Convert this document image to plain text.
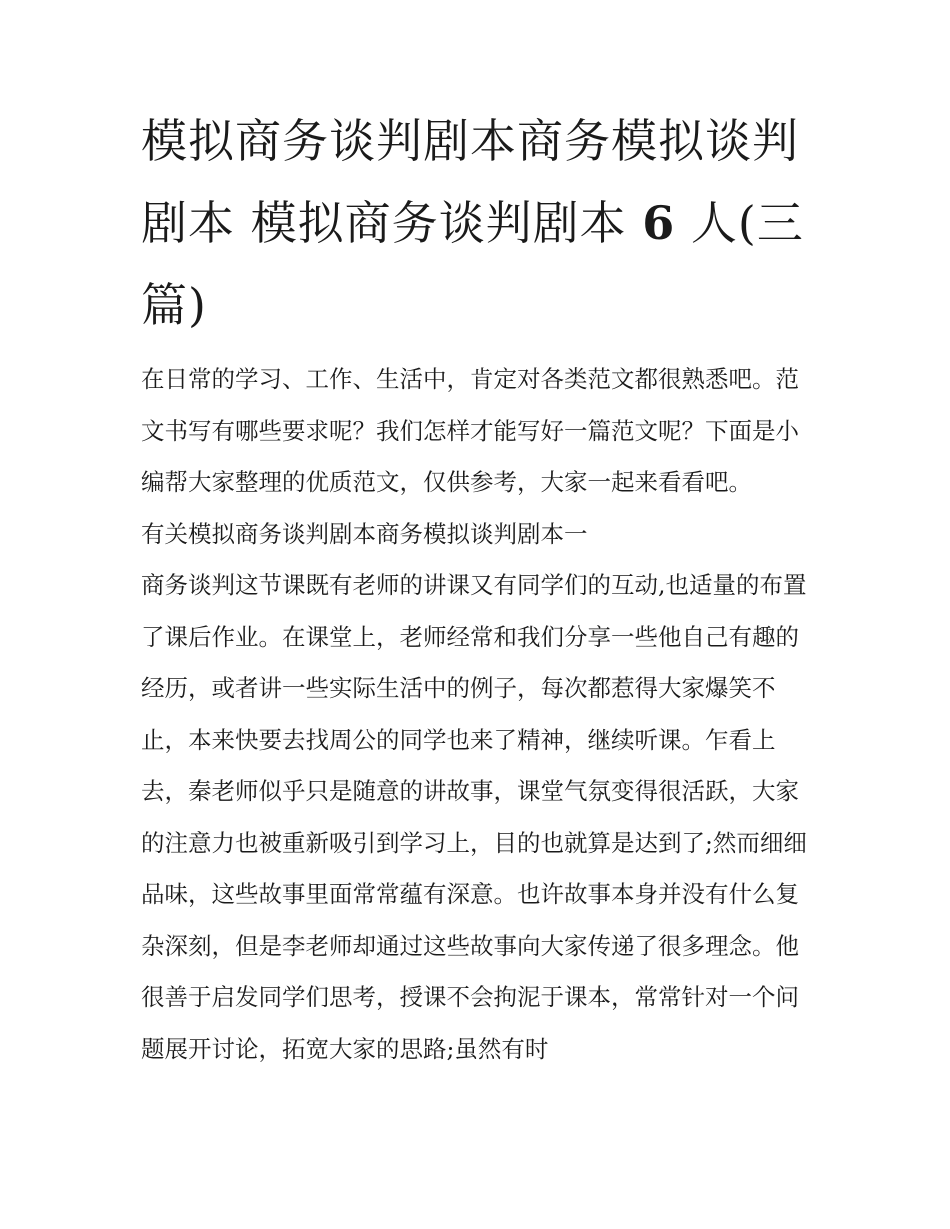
模拟商务谈判剧本商务模拟谈判剧本 模拟商务谈判剧本 6 人(三篇)

在日常的学习、工作、生活中，肯定对各类范文都很熟悉吧。范文书写有哪些要求呢？我们怎样才能写好一篇范文呢？下面是小编帮大家整理的优质范文，仅供参考，大家一起来看看吧。

有关模拟商务谈判剧本商务模拟谈判剧本一

商务谈判这节课既有老师的讲课又有同学们的互动,也适量的布置了课后作业。在课堂上，老师经常和我们分享一些他自己有趣的经历，或者讲一些实际生活中的例子，每次都惹得大家爆笑不止，本来快要去找周公的同学也来了精神，继续听课。乍看上去，秦老师似乎只是随意的讲故事，课堂气氛变得很活跃，大家的注意力也被重新吸引到学习上，目的也就算是达到了;然而细细品味，这些故事里面常常蕴有深意。也许故事本身并没有什么复杂深刻，但是李老师却通过这些故事向大家传递了很多理念。他很善于启发同学们思考，授课不会拘泥于课本，常常针对一个问题展开讨论，拓宽大家的思路;虽然有时
